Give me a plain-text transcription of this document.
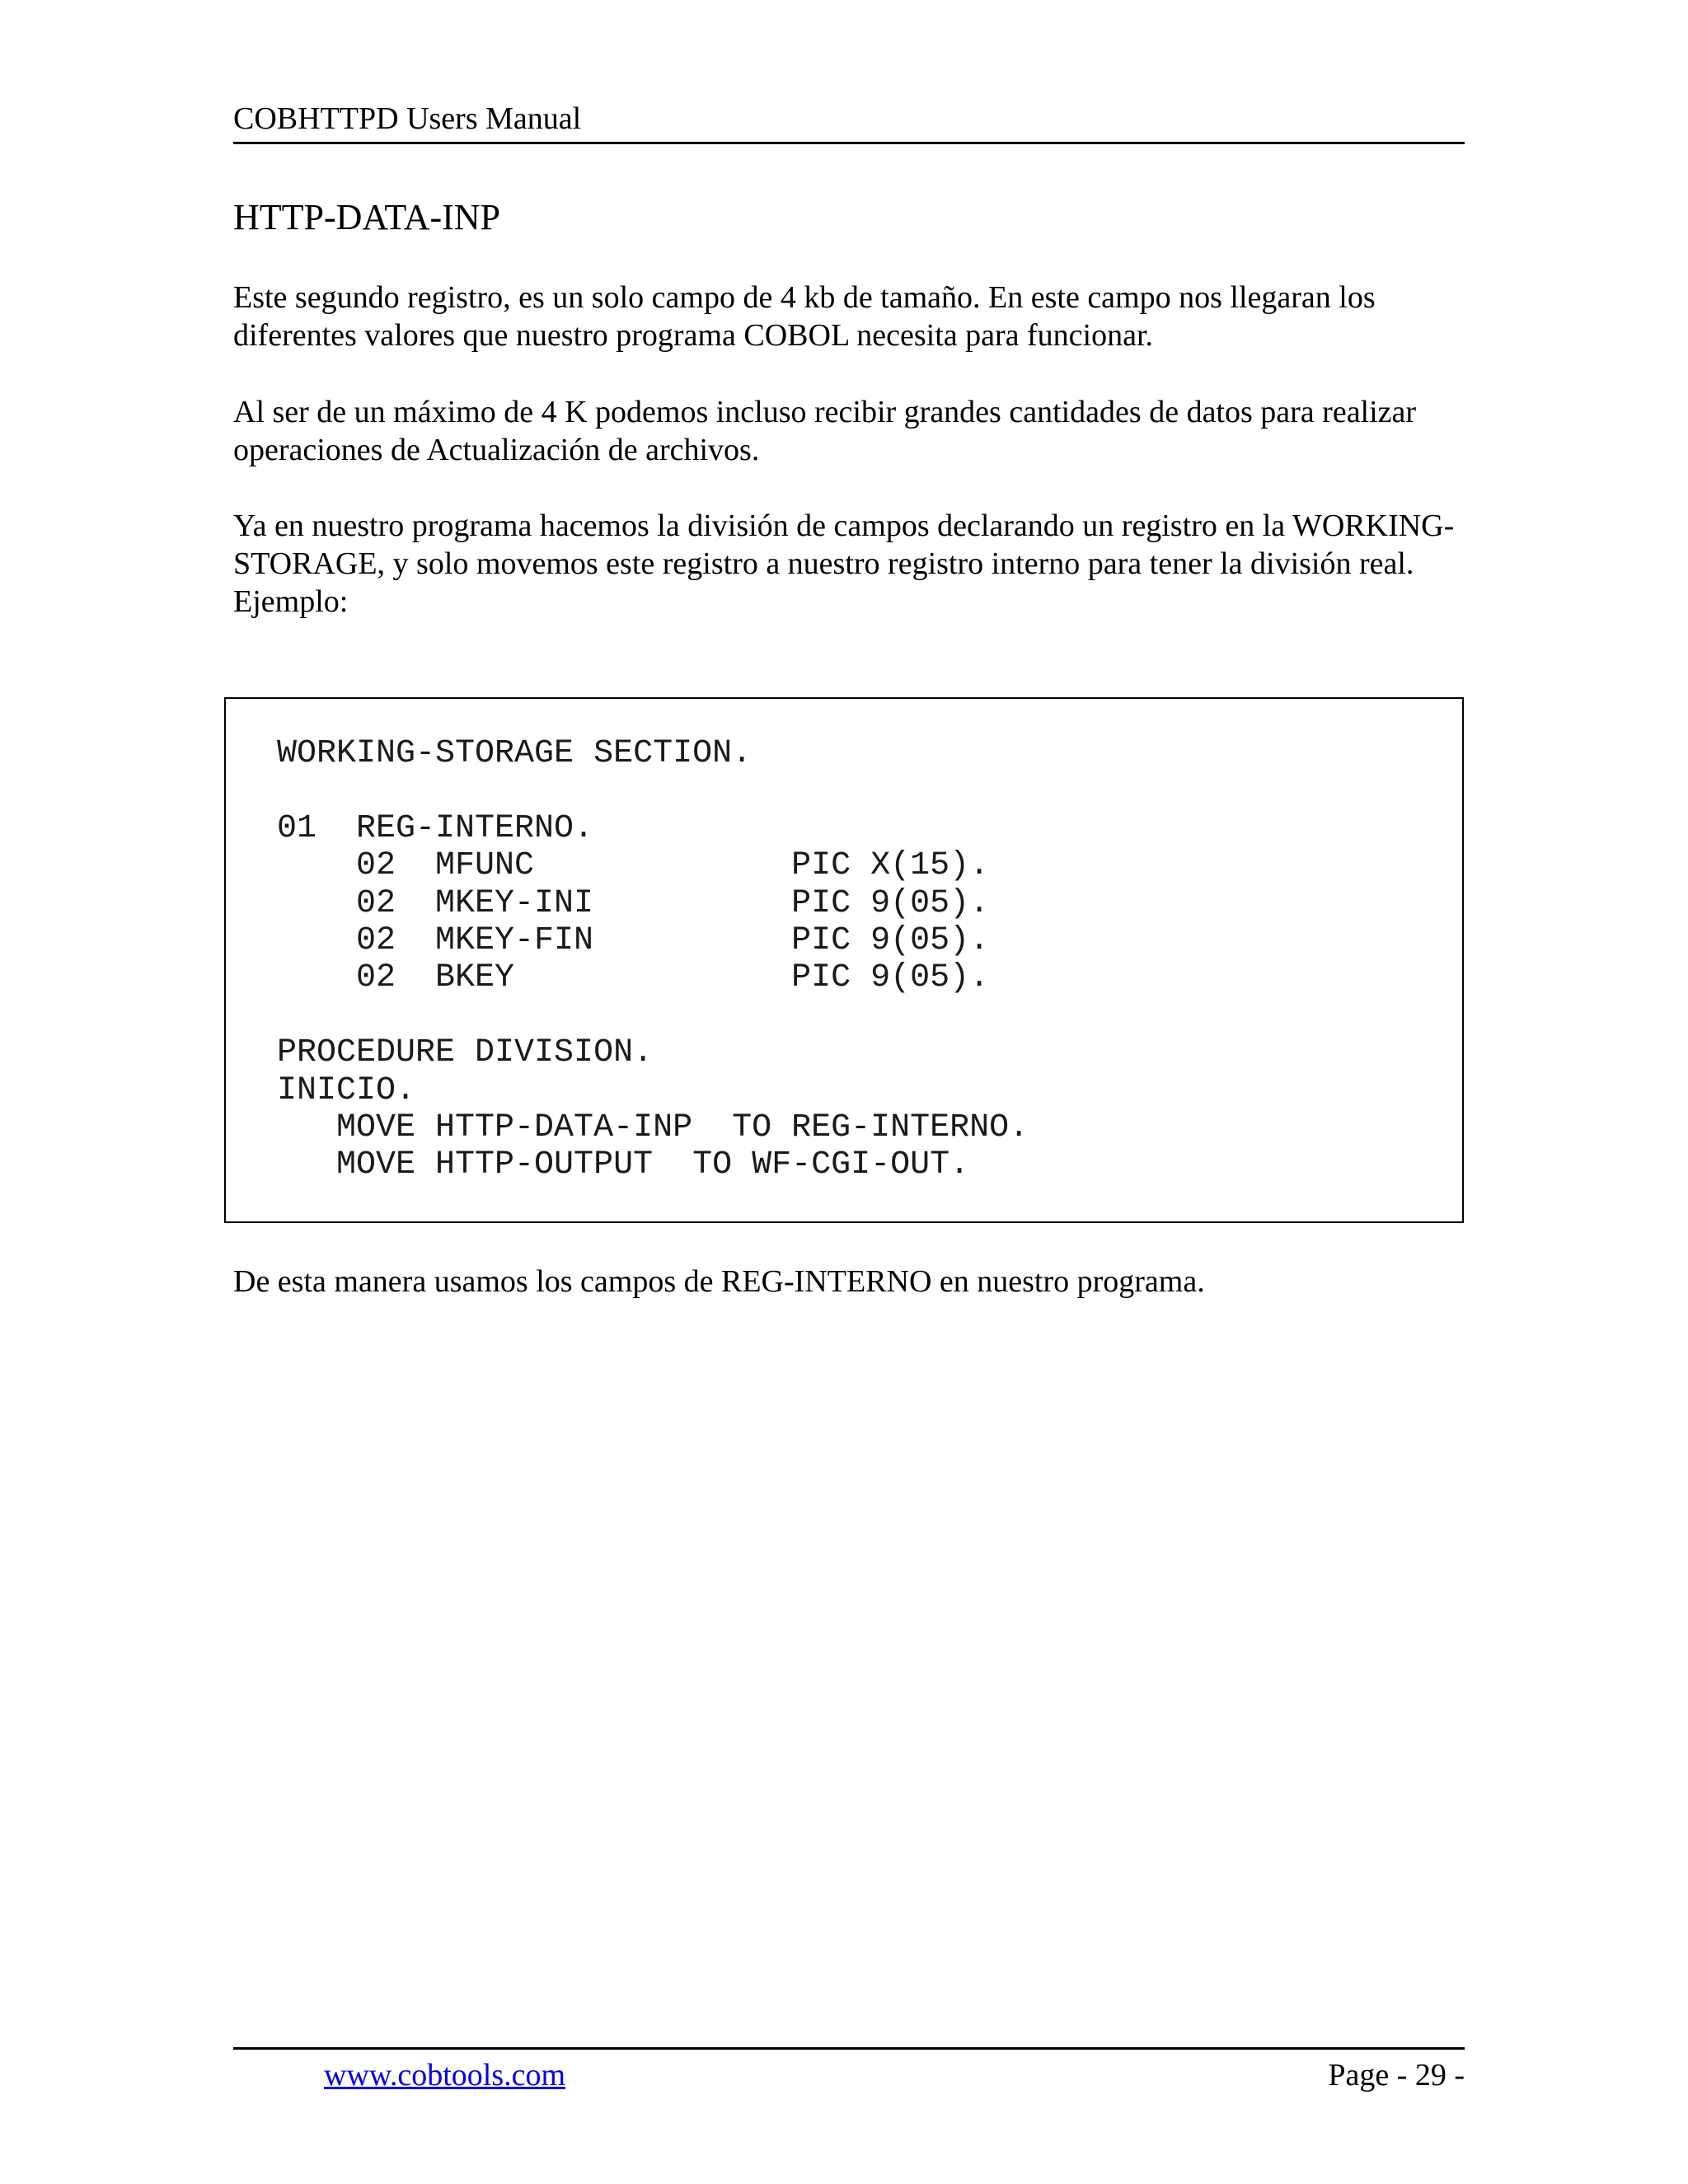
COBHTTPD Users Manual
HTTP-DATA-INP

Este segundo registro, es un solo campo de 4 kb de tamaño. En este campo nos llegaran los diferentes valores que nuestro programa COBOL necesita para funcionar.

Al ser de un máximo de 4 K podemos incluso recibir grandes cantidades de datos para realizar operaciones de Actualización de archivos.

Ya en nuestro programa hacemos la división de campos declarando un registro en la WORKING-STORAGE, y solo movemos este registro a nuestro registro interno para tener la división real. Ejemplo:

WORKING-STORAGE SECTION.
01  REG-INTERNO.
02  MFUNC             PIC X(15).
02  MKEY-INI          PIC 9(05).
02  MKEY-FIN          PIC 9(05).
02  BKEY              PIC 9(05).
PROCEDURE DIVISION.
INICIO.
MOVE HTTP-DATA-INP  TO REG-INTERNO.
MOVE HTTP-OUTPUT  TO WF-CGI-OUT.

De esta manera usamos los campos de REG-INTERNO en nuestro programa.

www.cobtools.com	Page - 29 -
